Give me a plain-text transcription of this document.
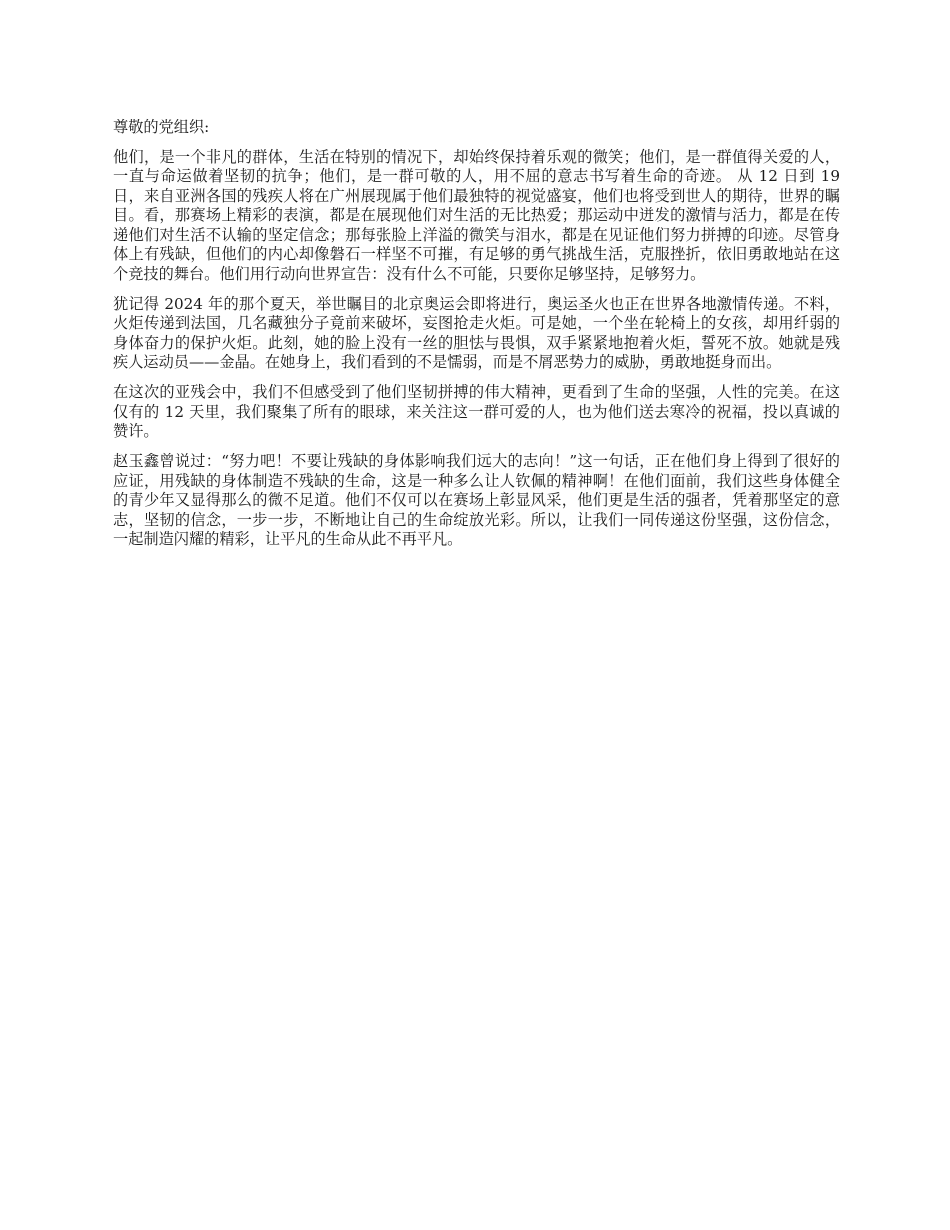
尊敬的党组织:

他们，是一个非凡的群体，生活在特别的情况下，却始终保持着乐观的微笑；他们，是一群值得关爱的人，一直与命运做着坚韧的抗争；他们，是一群可敬的人，用不屈的意志书写着生命的奇迹。 从 12 日到 19 日，来自亚洲各国的残疾人将在广州展现属于他们最独特的视觉盛宴，他们也将受到世人的期待，世界的瞩目。看，那赛场上精彩的表演，都是在展现他们对生活的无比热爱；那运动中迸发的激情与活力，都是在传递他们对生活不认输的坚定信念；那每张脸上洋溢的微笑与泪水，都是在见证他们努力拼搏的印迹。尽管身体上有残缺，但他们的内心却像磐石一样坚不可摧，有足够的勇气挑战生活，克服挫折，依旧勇敢地站在这个竞技的舞台。他们用行动向世界宣告：没有什么不可能，只要你足够坚持，足够努力。

犹记得 2024 年的那个夏天，举世瞩目的北京奥运会即将进行，奥运圣火也正在世界各地激情传递。不料，火炬传递到法国，几名藏独分子竟前来破坏，妄图抢走火炬。可是她，一个坐在轮椅上的女孩，却用纤弱的身体奋力的保护火炬。此刻，她的脸上没有一丝的胆怯与畏惧，双手紧紧地抱着火炬，誓死不放。她就是残疾人运动员——金晶。在她身上，我们看到的不是懦弱，而是不屑恶势力的威胁，勇敢地挺身而出。

在这次的亚残会中，我们不但感受到了他们坚韧拼搏的伟大精神，更看到了生命的坚强，人性的完美。在这仅有的 12 天里，我们聚集了所有的眼球，来关注这一群可爱的人，也为他们送去寒冷的祝福，投以真诚的赞许。

赵玉鑫曾说过：“努力吧！不要让残缺的身体影响我们远大的志向！”这一句话，正在他们身上得到了很好的应证，用残缺的身体制造不残缺的生命，这是一种多么让人钦佩的精神啊！在他们面前，我们这些身体健全的青少年又显得那么的微不足道。他们不仅可以在赛场上彰显风采，他们更是生活的强者，凭着那坚定的意志，坚韧的信念，一步一步，不断地让自己的生命绽放光彩。所以，让我们一同传递这份坚强，这份信念，一起制造闪耀的精彩，让平凡的生命从此不再平凡。
